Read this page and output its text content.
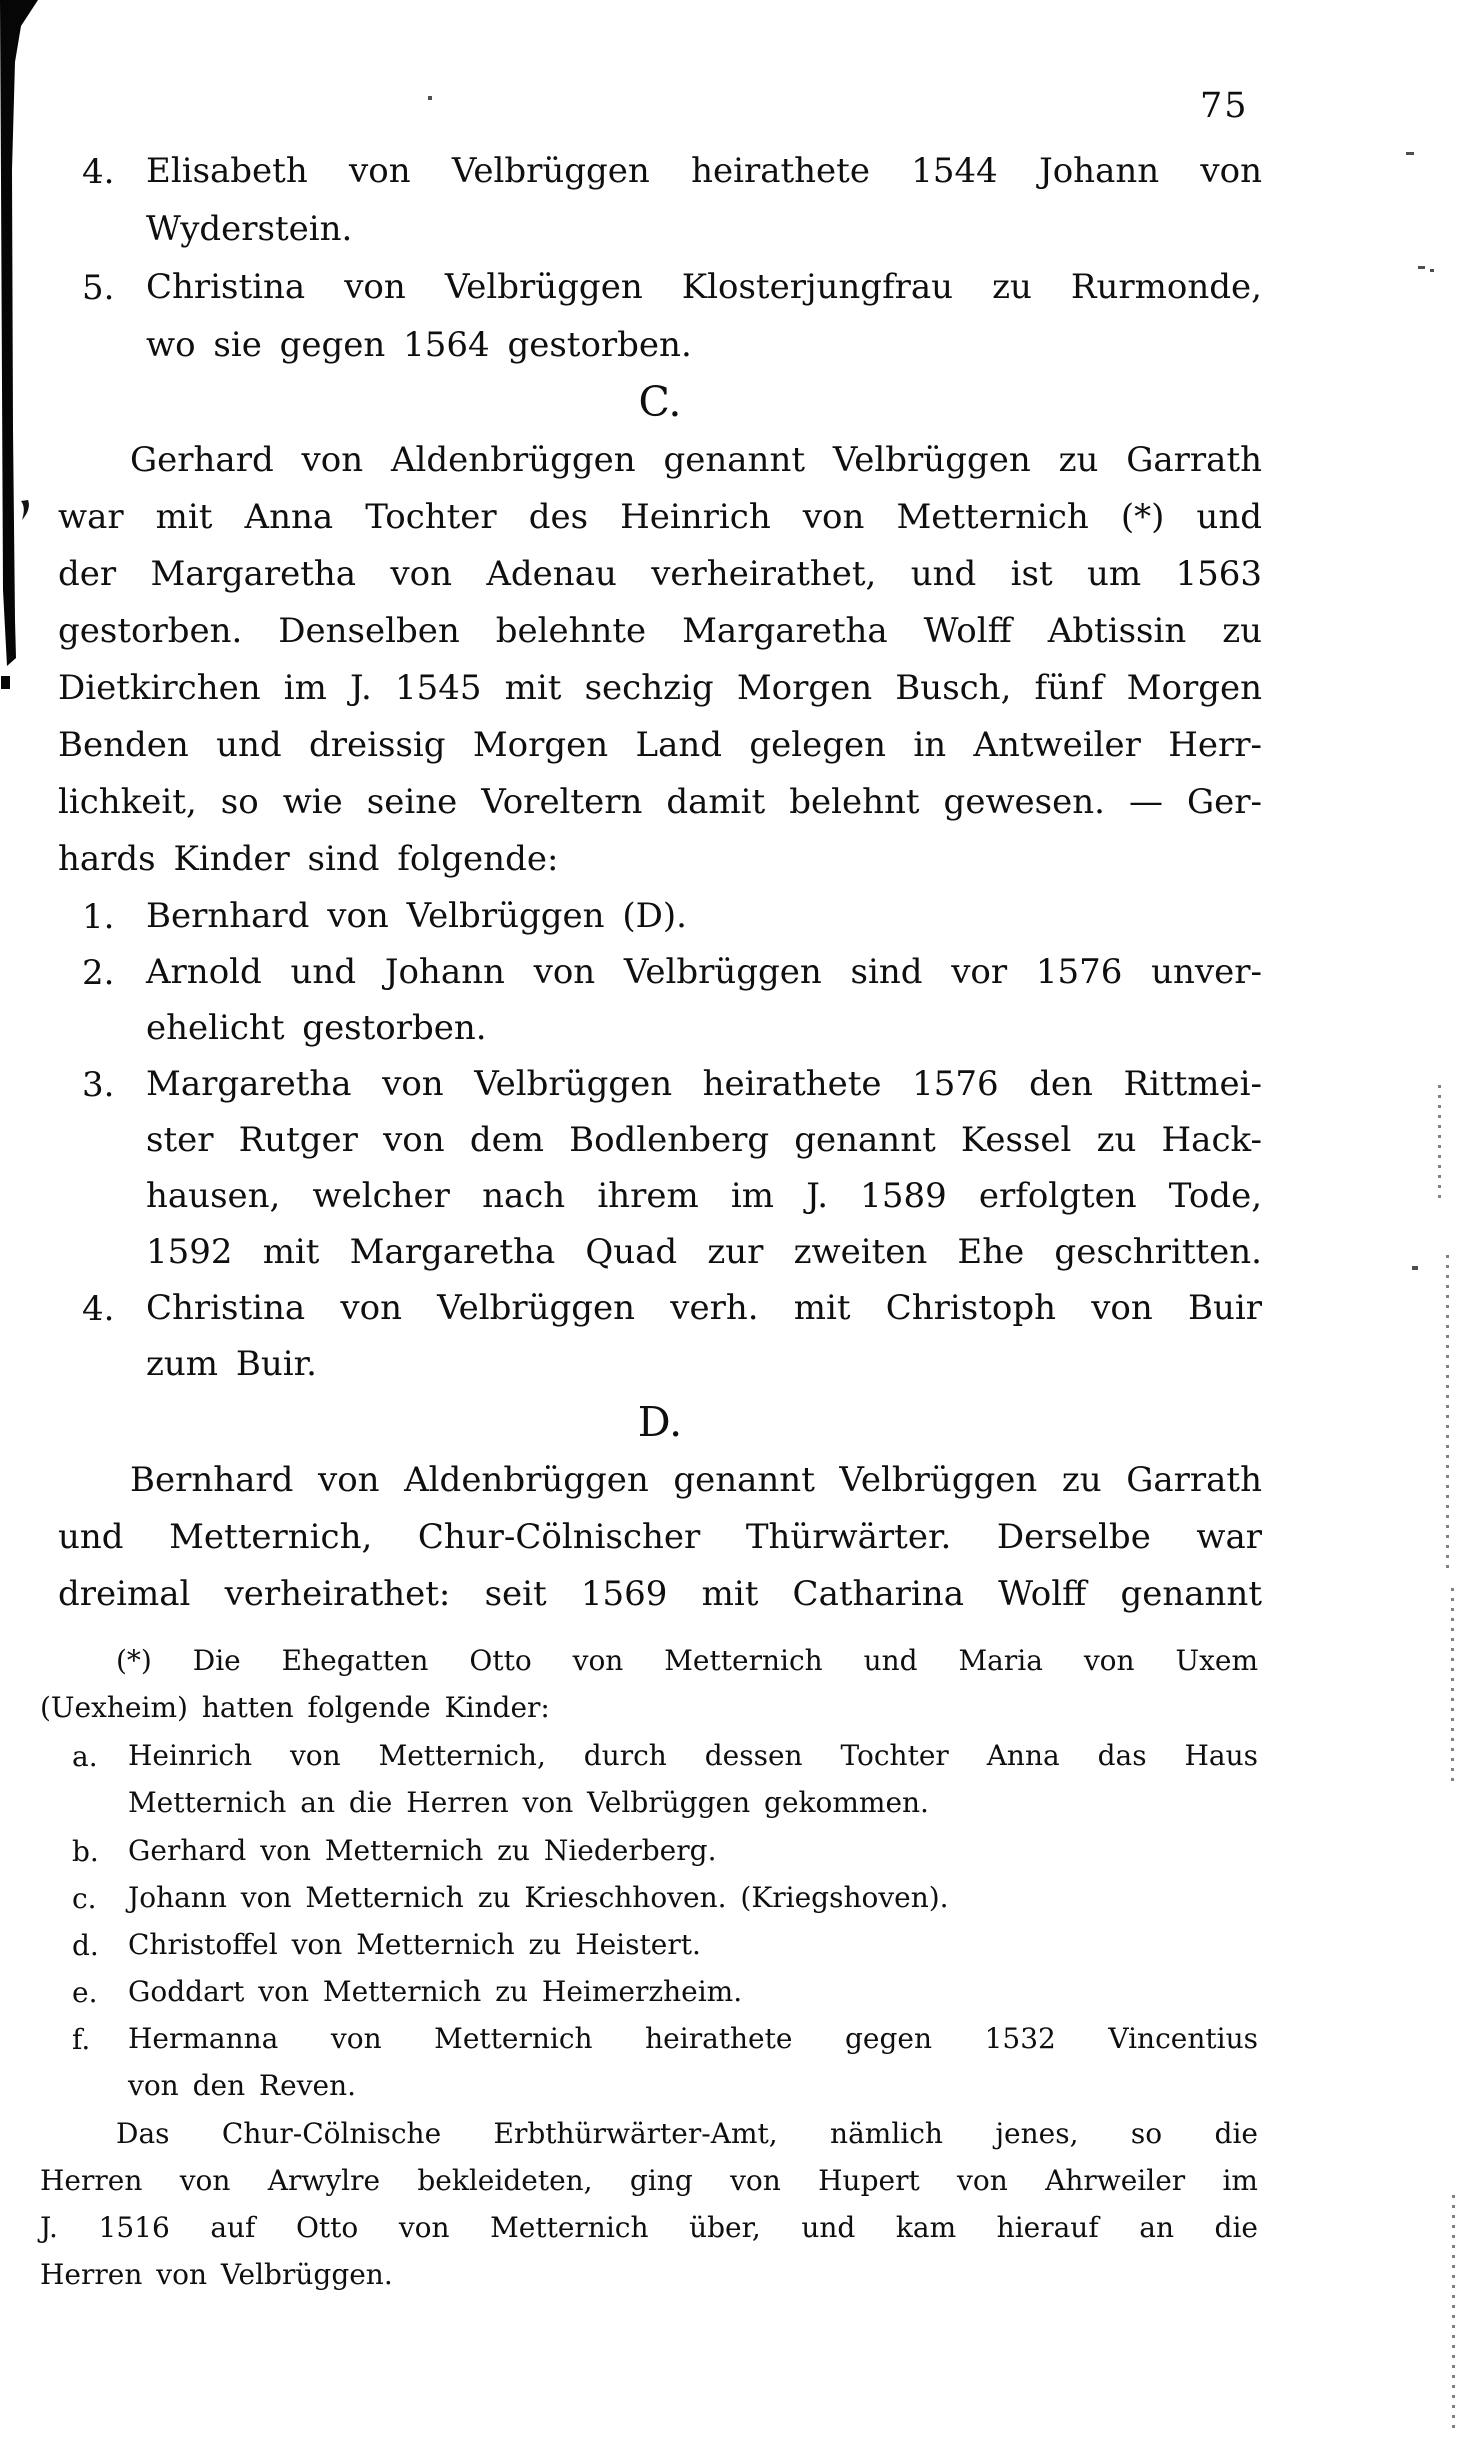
75
4. Elisabeth von Velbrüggen heirathete 1544 Johann von
Wyderstein.
5. Christina von Velbrüggen Klosterjungfrau zu Rurmonde,
wo sie gegen 1564 gestorben.
C.
Gerhard von Aldenbrüggen genannt Velbrüggen zu Garrath
war mit Anna Tochter des Heinrich von Metternich (*) und
der Margaretha von Adenau verheirathet, und ist um 1563
gestorben. Denselben belehnte Margaretha Wolff Abtissin zu
Dietkirchen im J. 1545 mit sechzig Morgen Busch, fünf Morgen
Benden und dreissig Morgen Land gelegen in Antweiler Herr-
lichkeit, so wie seine Voreltern damit belehnt gewesen. — Ger-
hards Kinder sind folgende:
1. Bernhard von Velbrüggen (D).
2. Arnold und Johann von Velbrüggen sind vor 1576 unver-
ehelicht gestorben.
3. Margaretha von Velbrüggen heirathete 1576 den Rittmei-
ster Rutger von dem Bodlenberg genannt Kessel zu Hack-
hausen, welcher nach ihrem im J. 1589 erfolgten Tode,
1592 mit Margaretha Quad zur zweiten Ehe geschritten.
4. Christina von Velbrüggen verh. mit Christoph von Buir
zum Buir.
D.
Bernhard von Aldenbrüggen genannt Velbrüggen zu Garrath
und Metternich, Chur-Cölnischer Thürwärter. Derselbe war
dreimal verheirathet: seit 1569 mit Catharina Wolff genannt
(*) Die Ehegatten Otto von Metternich und Maria von Uxem
(Uexheim) hatten folgende Kinder:
a. Heinrich von Metternich, durch dessen Tochter Anna das Haus
Metternich an die Herren von Velbrüggen gekommen.
b. Gerhard von Metternich zu Niederberg.
c. Johann von Metternich zu Krieschhoven. (Kriegshoven).
d. Christoffel von Metternich zu Heistert.
e. Goddart von Metternich zu Heimerzheim.
f. Hermanna von Metternich heirathete gegen 1532 Vincentius
von den Reven.
Das Chur-Cölnische Erbthürwärter-Amt, nämlich jenes, so die
Herren von Arwylre bekleideten, ging von Hupert von Ahrweiler im
J. 1516 auf Otto von Metternich über, und kam hierauf an die
Herren von Velbrüggen.
